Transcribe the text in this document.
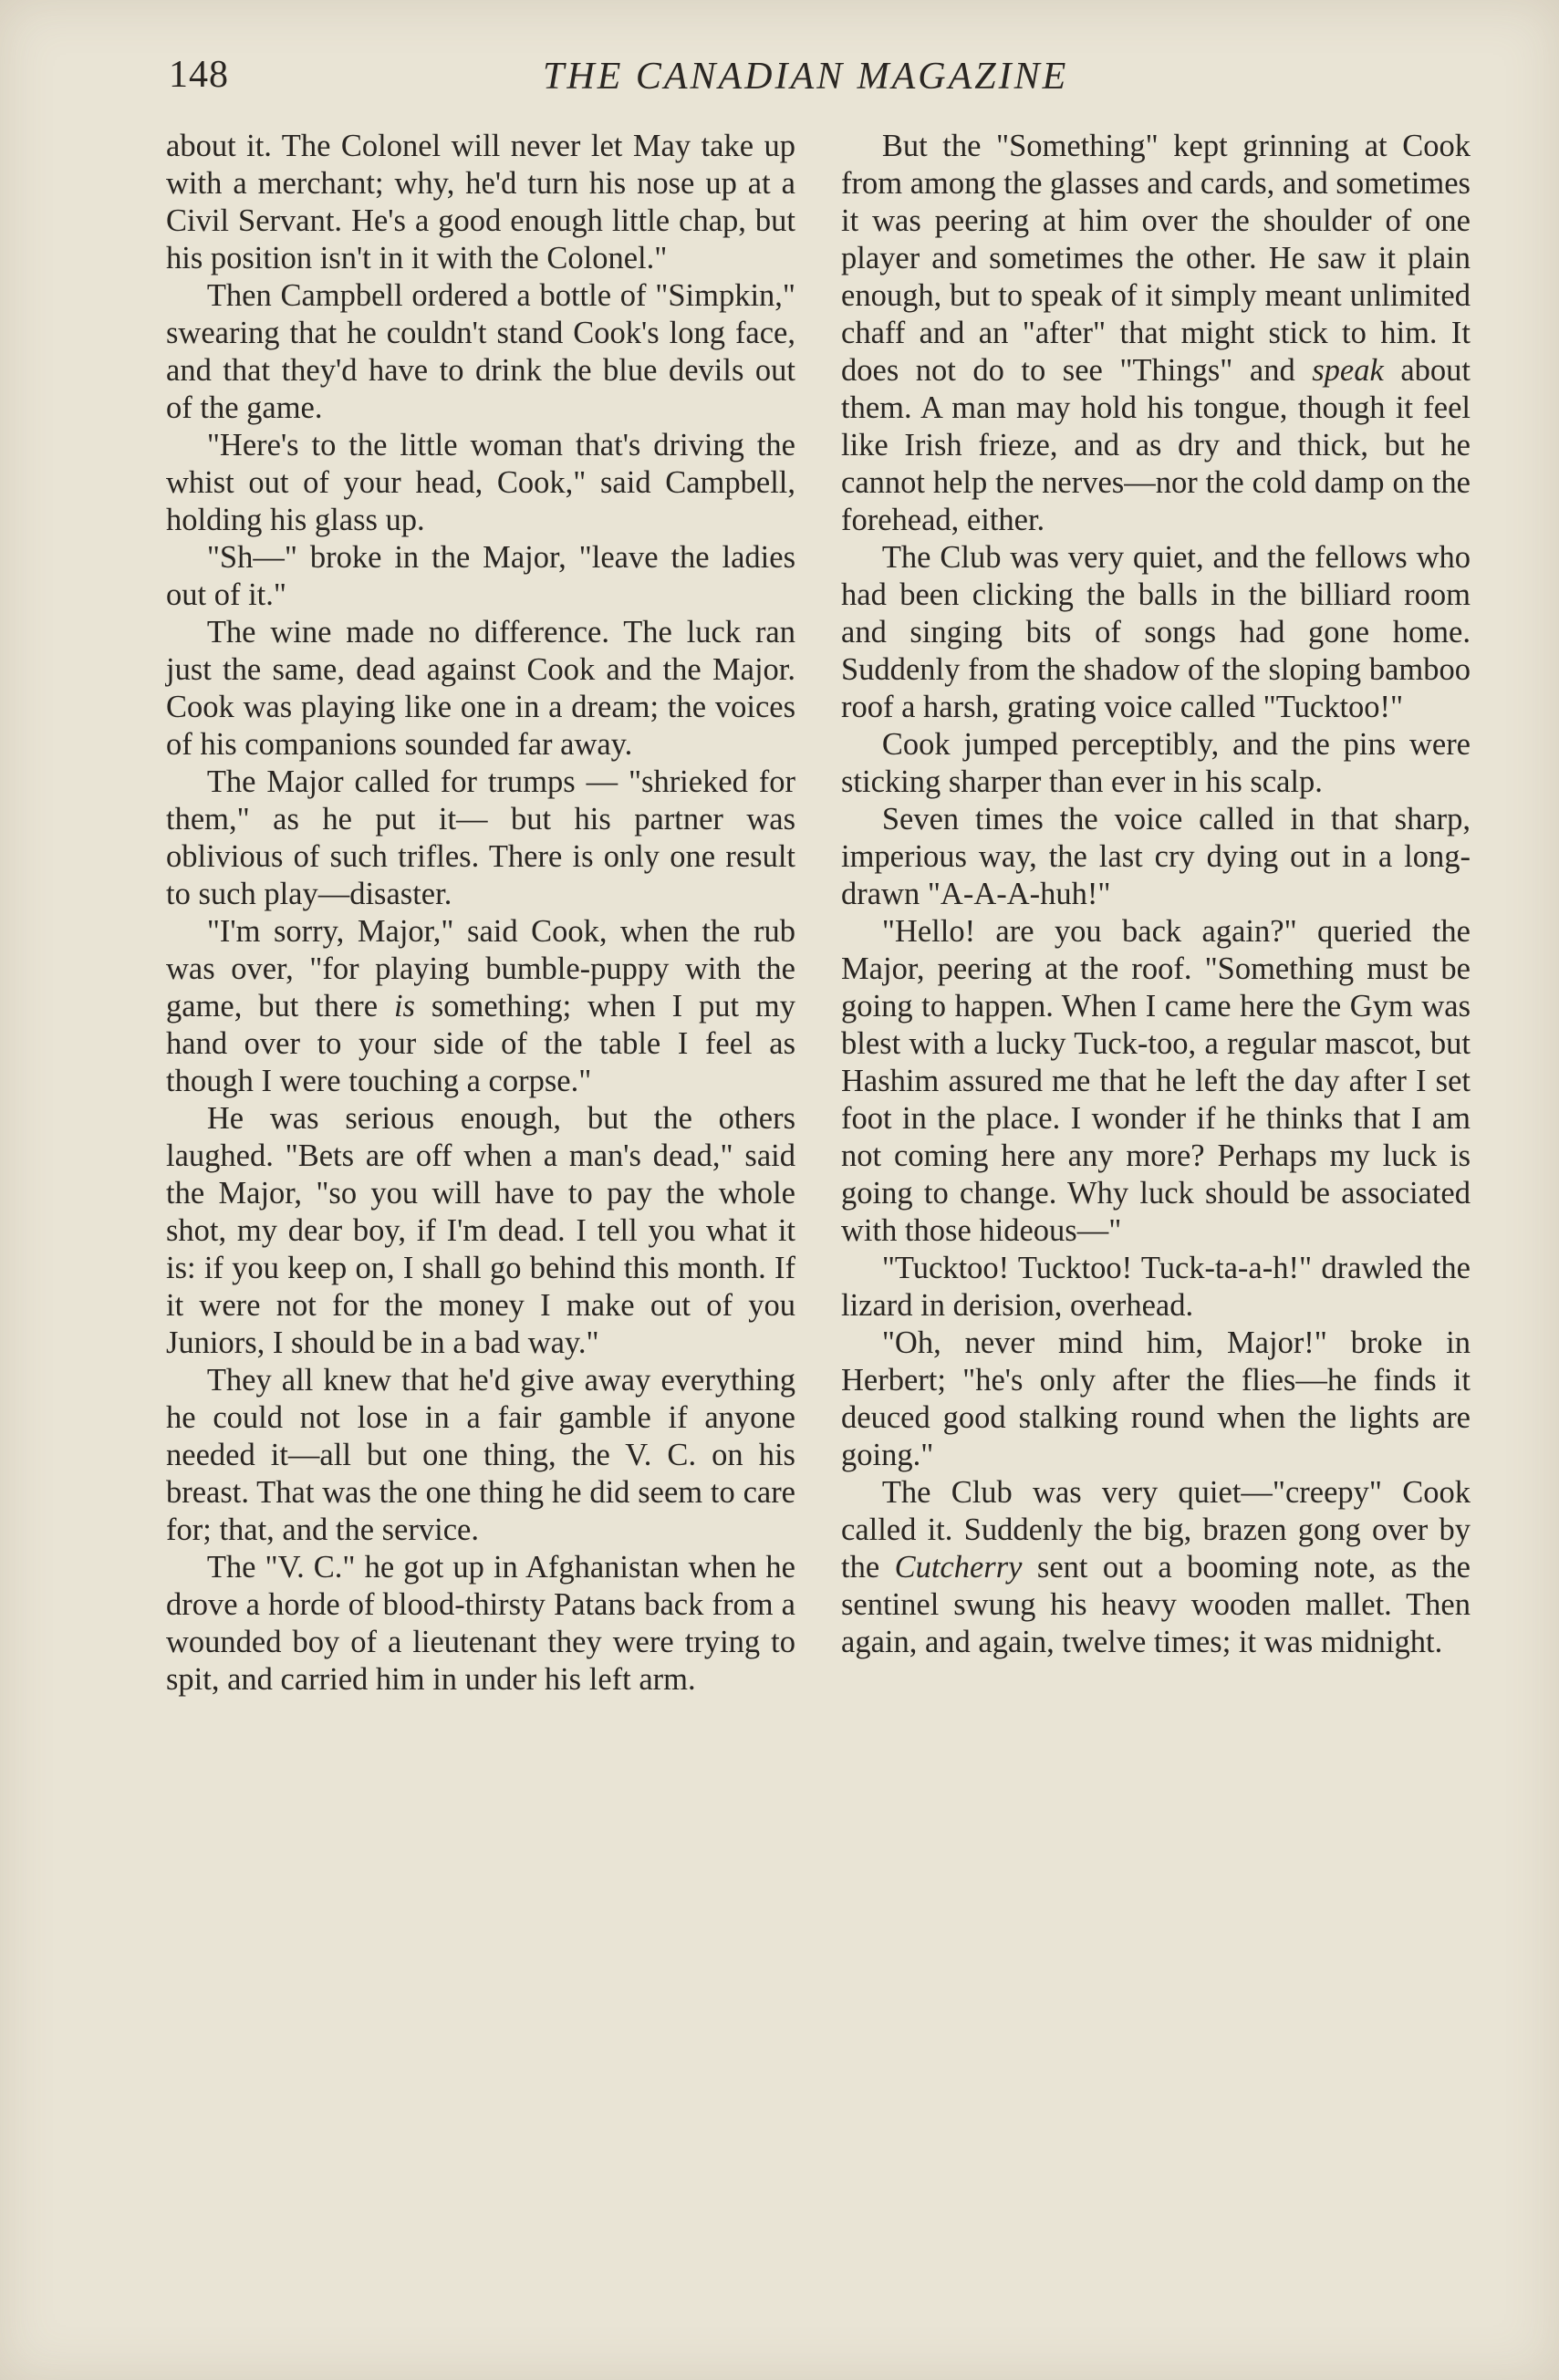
148	THE CANADIAN MAGAZINE

about it. The Colonel will never let May take up with a merchant; why, he'd turn his nose up at a Civil Servant. He's a good enough little chap, but his position isn't in it with the Colonel."

Then Campbell ordered a bottle of "Simpkin," swearing that he couldn't stand Cook's long face, and that they'd have to drink the blue devils out of the game.

"Here's to the little woman that's driving the whist out of your head, Cook," said Campbell, holding his glass up.

"Sh—" broke in the Major, "leave the ladies out of it."

The wine made no difference. The luck ran just the same, dead against Cook and the Major. Cook was playing like one in a dream; the voices of his companions sounded far away.

The Major called for trumps — "shrieked for them," as he put it— but his partner was oblivious of such trifles. There is only one result to such play—disaster.

"I'm sorry, Major," said Cook, when the rub was over, "for playing bumble-puppy with the game, but there is something; when I put my hand over to your side of the table I feel as though I were touching a corpse."

He was serious enough, but the others laughed. "Bets are off when a man's dead," said the Major, "so you will have to pay the whole shot, my dear boy, if I'm dead. I tell you what it is: if you keep on, I shall go behind this month. If it were not for the money I make out of you Juniors, I should be in a bad way."

They all knew that he'd give away everything he could not lose in a fair gamble if anyone needed it—all but one thing, the V. C. on his breast. That was the one thing he did seem to care for; that, and the service.

The "V. C." he got up in Afghanistan when he drove a horde of blood-thirsty Patans back from a wounded boy of a lieutenant they were trying to spit, and carried him in under his left arm.

But the "Something" kept grinning at Cook from among the glasses and cards, and sometimes it was peering at him over the shoulder of one player and sometimes the other. He saw it plain enough, but to speak of it simply meant unlimited chaff and an "after" that might stick to him. It does not do to see "Things" and speak about them. A man may hold his tongue, though it feel like Irish frieze, and as dry and thick, but he cannot help the nerves—nor the cold damp on the forehead, either.

The Club was very quiet, and the fellows who had been clicking the balls in the billiard room and singing bits of songs had gone home. Suddenly from the shadow of the sloping bamboo roof a harsh, grating voice called "Tucktoo!"

Cook jumped perceptibly, and the pins were sticking sharper than ever in his scalp.

Seven times the voice called in that sharp, imperious way, the last cry dying out in a long-drawn "A-A-A-huh!"

"Hello! are you back again?" queried the Major, peering at the roof. "Something must be going to happen. When I came here the Gym was blest with a lucky Tuck-too, a regular mascot, but Hashim assured me that he left the day after I set foot in the place. I wonder if he thinks that I am not coming here any more? Perhaps my luck is going to change. Why luck should be associated with those hideous—"

"Tucktoo! Tucktoo! Tuck-ta-a-h!" drawled the lizard in derision, overhead.

"Oh, never mind him, Major!" broke in Herbert; "he's only after the flies—he finds it deuced good stalking round when the lights are going."

The Club was very quiet—"creepy" Cook called it. Suddenly the big, brazen gong over by the Cutcherry sent out a booming note, as the sentinel swung his heavy wooden mallet. Then again, and again, twelve times; it was midnight.
